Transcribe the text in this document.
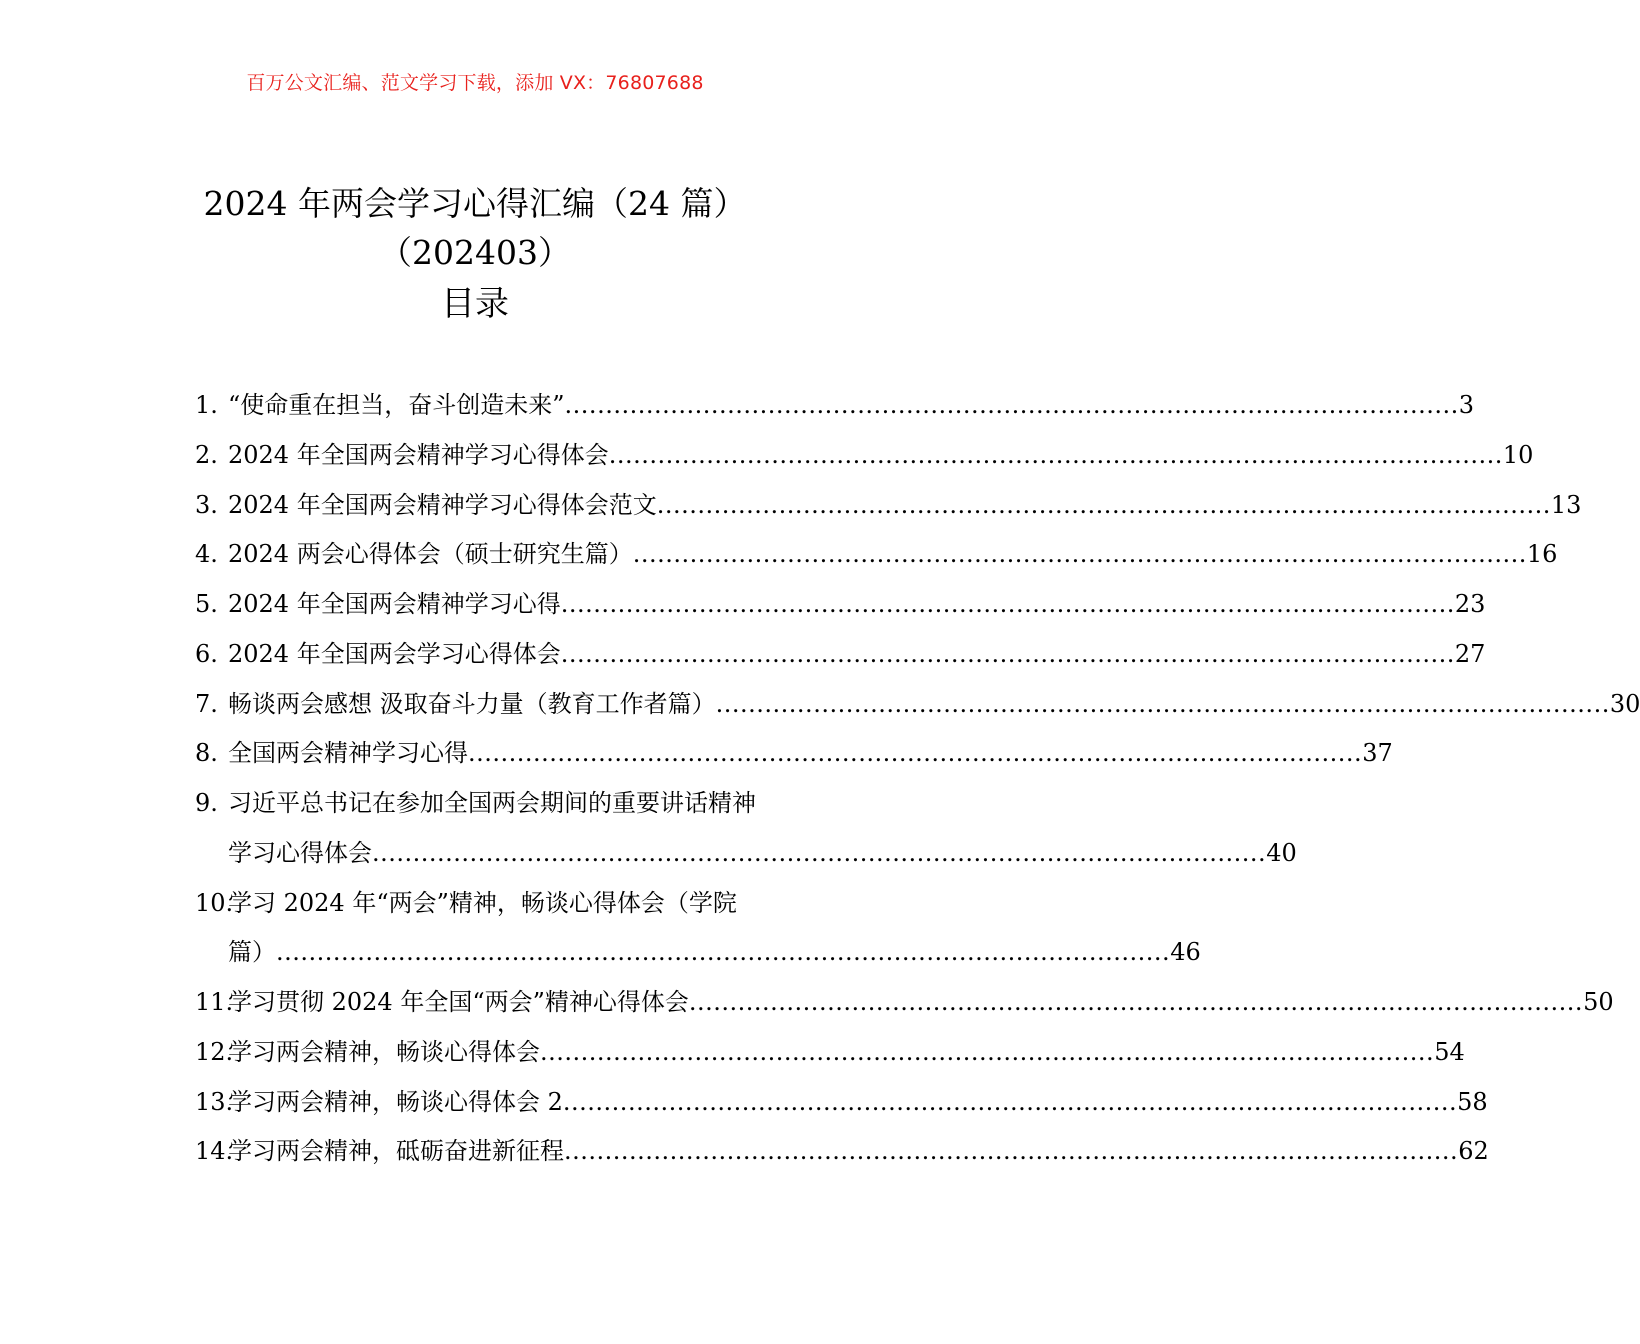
百万公文汇编、范文学习下载，添加 VX：76807688
2024 年两会学习心得汇编（24 篇）
（202403）
目录
1. “使命重在担当，奋斗创造未来” .............................................................................................................. 3
2. 2024 年全国两会精神学习心得体会 .............................................................................................................. 10
3. 2024 年全国两会精神学习心得体会范文 .............................................................................................................. 13
4. 2024 两会心得体会（硕士研究生篇） .............................................................................................................. 16
5. 2024 年全国两会精神学习心得 .............................................................................................................. 23
6. 2024 年全国两会学习心得体会 .............................................................................................................. 27
7. 畅谈两会感想 汲取奋斗力量（教育工作者篇） .............................................................................................................. 30
8. 全国两会精神学习心得 .............................................................................................................. 37
9. 习近平总书记在参加全国两会期间的重要讲话精神
学习心得体会 .............................................................................................................. 40
10.
学习 2024 年“两会”精神，畅谈心得体会（学院
篇） .............................................................................................................. 46
11.
学习贯彻 2024 年全国“两会”精神心得体会 .............................................................................................................. 50
12.
学习两会精神，畅谈心得体会 .............................................................................................................. 54
13.
学习两会精神，畅谈心得体会 2 .............................................................................................................. 58
14.
学习两会精神，砥砺奋进新征程 .............................................................................................................. 62
